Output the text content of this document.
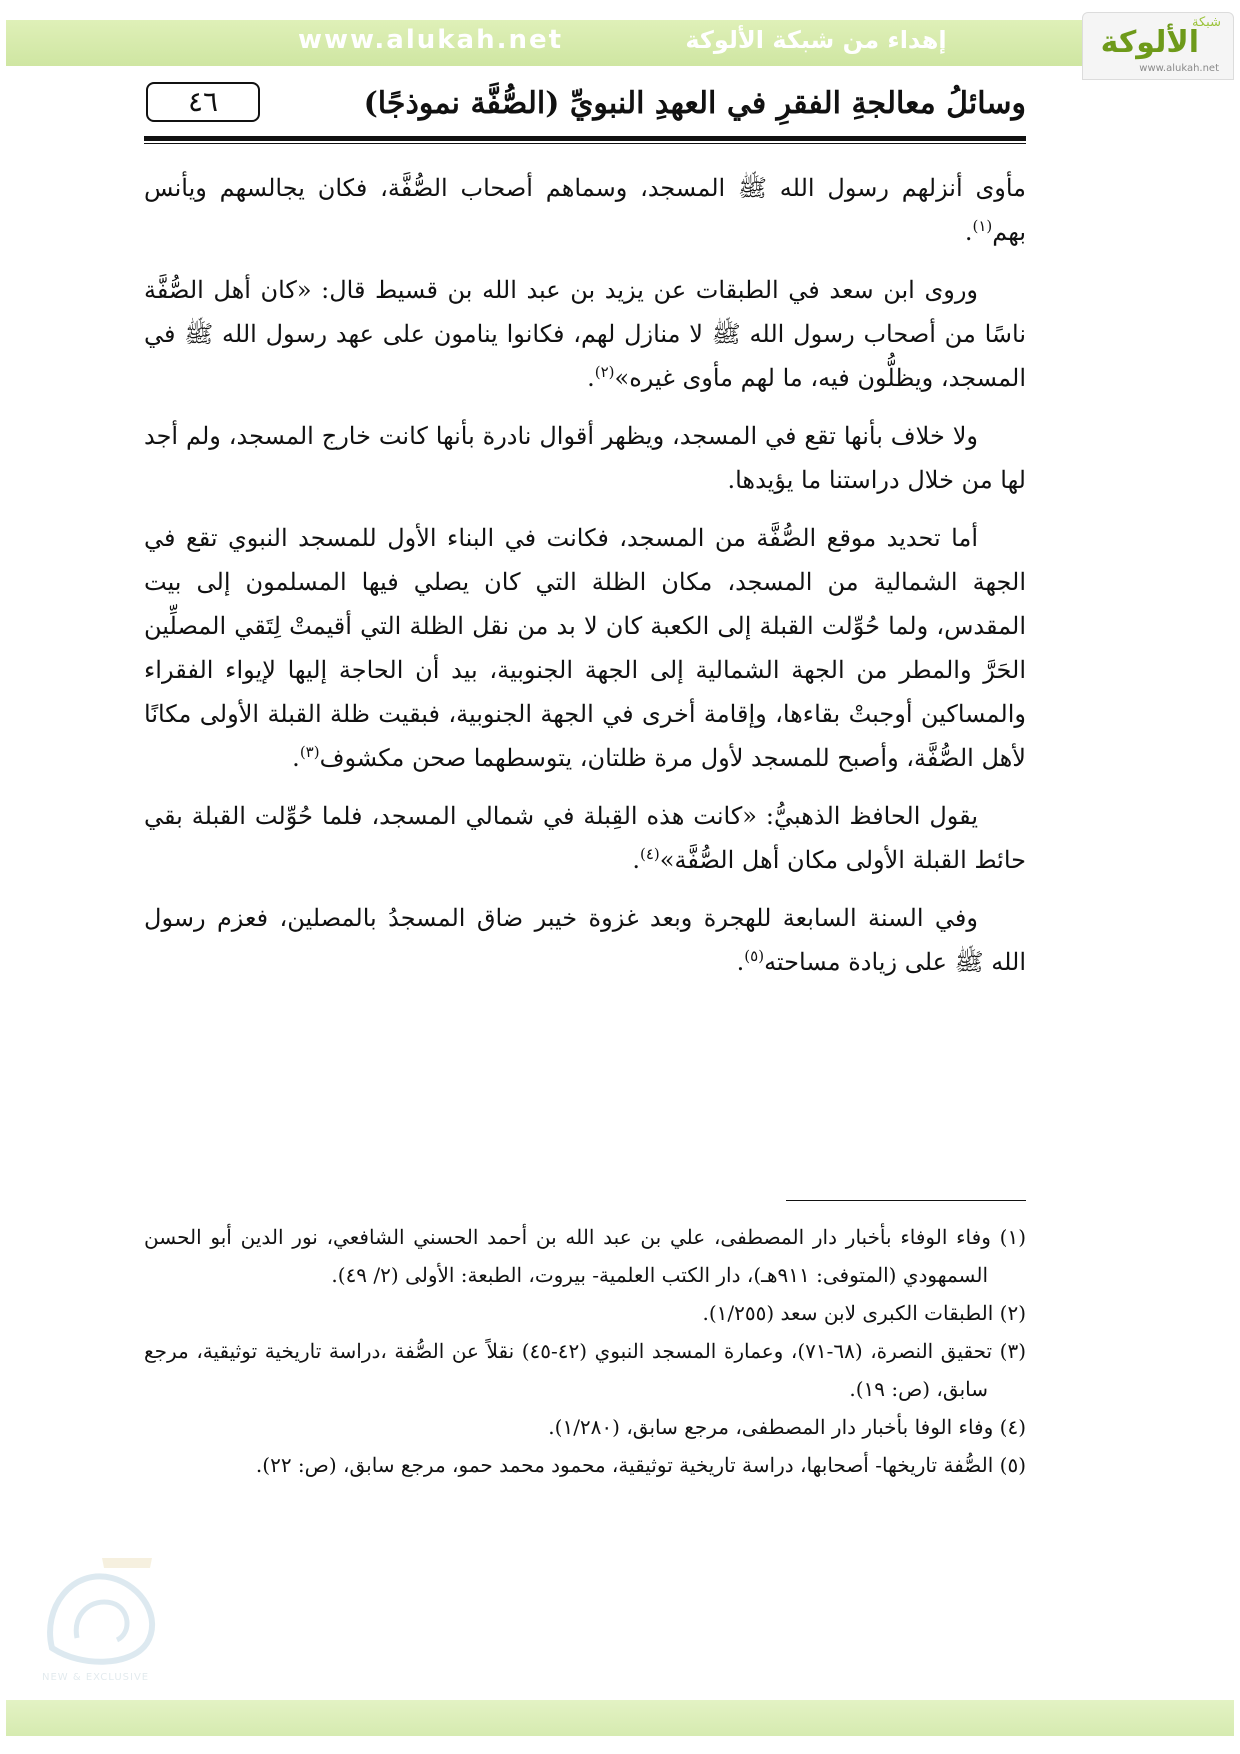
www.alukah.net	إهداء من شبكة الألوكة
شبكة
الألوكة
www.alukah.net
٤٦	وسائلُ معالجةِ الفقرِ في العهدِ النبويِّ (الصُّفَّة نموذجًا)

مأوى أنزلهم رسول الله ﷺ المسجد، وسماهم أصحاب الصُّفَّة، فكان يجالسهم ويأنس بهم$^{(١)}$.

وروى ابن سعد في الطبقات عن يزيد بن عبد الله بن قسيط قال: «كان أهل الصُّفَّة ناسًا من أصحاب رسول الله ﷺ لا منازل لهم، فكانوا ينامون على عهد رسول الله ﷺ في المسجد، ويظلُّون فيه، ما لهم مأوى غيره»$^{(٢)}$.

ولا خلاف بأنها تقع في المسجد، ويظهر أقوال نادرة بأنها كانت خارج المسجد، ولم أجد لها من خلال دراستنا ما يؤيدها.

أما تحديد موقع الصُّفَّة من المسجد، فكانت في البناء الأول للمسجد النبوي تقع في الجهة الشمالية من المسجد، مكان الظلة التي كان يصلي فيها المسلمون إلى بيت المقدس، ولما حُوِّلت القبلة إلى الكعبة كان لا بد من نقل الظلة التي أقيمتْ لِتَقي المصلِّين الحَرَّ والمطر من الجهة الشمالية إلى الجهة الجنوبية، بيد أن الحاجة إليها لإيواء الفقراء والمساكين أوجبتْ بقاءها، وإقامة أخرى في الجهة الجنوبية، فبقيت ظلة القبلة الأولى مكانًا لأهل الصُّفَّة، وأصبح للمسجد لأول مرة ظلتان، يتوسطهما صحن مكشوف$^{(٣)}$.

يقول الحافظ الذهبيُّ: «كانت هذه القِبلة في شمالي المسجد، فلما حُوِّلت القبلة بقي حائط القبلة الأولى مكان أهل الصُّفَّة»$^{(٤)}$.

وفي السنة السابعة للهجرة وبعد غزوة خيبر ضاق المسجدُ بالمصلين، فعزم رسول الله ﷺ على زيادة مساحته$^{(٥)}$.

(١) وفاء الوفاء بأخبار دار المصطفى، علي بن عبد الله بن أحمد الحسني الشافعي، نور الدين أبو الحسن السمهودي (المتوفى: ٩١١هـ)، دار الكتب العلمية- بيروت، الطبعة: الأولى (٢/ ٤٩).

(٢) الطبقات الكبرى لابن سعد (١/٢٥٥).

(٣) تحقيق النصرة، (٦٨-٧١)، وعمارة المسجد النبوي (٤٢-٤٥) نقلاً عن الصُّفة ،دراسة تاريخية توثيقية، مرجع سابق، (ص: ١٩).

(٤) وفاء الوفا بأخبار دار المصطفى، مرجع سابق، (١/٢٨٠).

(٥) الصُّفة تاريخها- أصحابها، دراسة تاريخية توثيقية، محمود محمد حمو، مرجع سابق، (ص: ٢٢).

NEW & EXCLUSIVE
